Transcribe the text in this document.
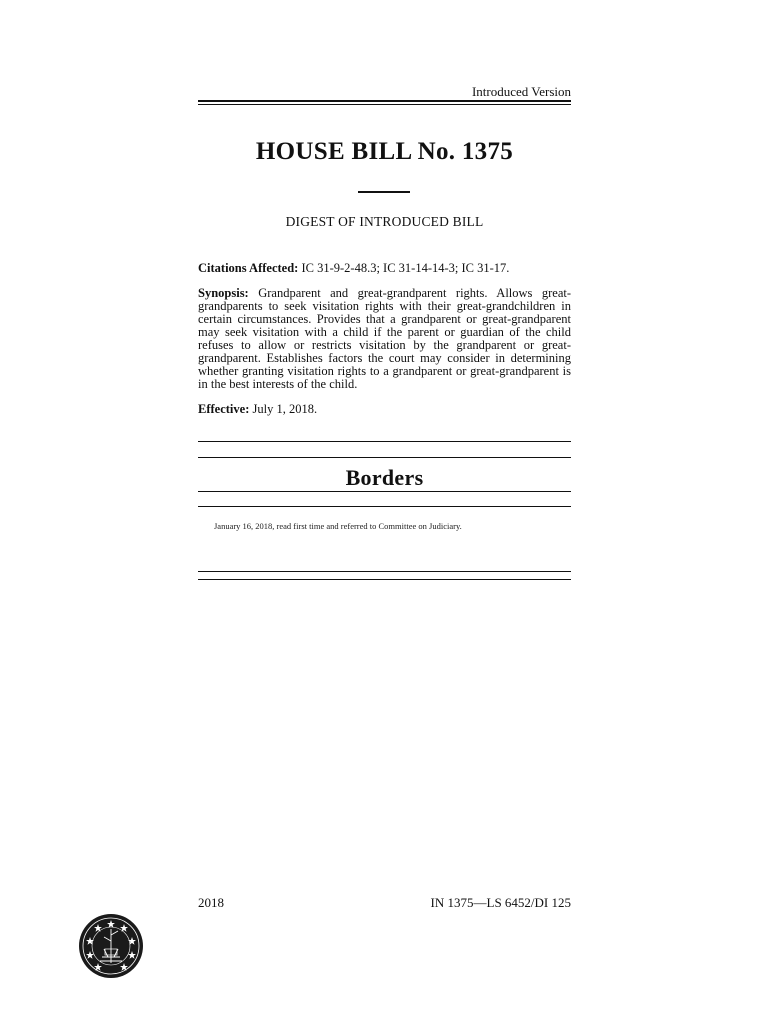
Introduced Version
HOUSE BILL No. 1375
DIGEST OF INTRODUCED BILL
Citations Affected: IC 31-9-2-48.3; IC 31-14-14-3; IC 31-17.
Synopsis: Grandparent and great-grandparent rights. Allows great-grandparents to seek visitation rights with their great-grandchildren in certain circumstances. Provides that a grandparent or great-grandparent may seek visitation with a child if the parent or guardian of the child refuses to allow or restricts visitation by the grandparent or great-grandparent. Establishes factors the court may consider in determining whether granting visitation rights to a grandparent or great-grandparent is in the best interests of the child.
Effective: July 1, 2018.
Borders
January 16, 2018, read first time and referred to Committee on Judiciary.
2018	IN 1375—LS 6452/DI 125
